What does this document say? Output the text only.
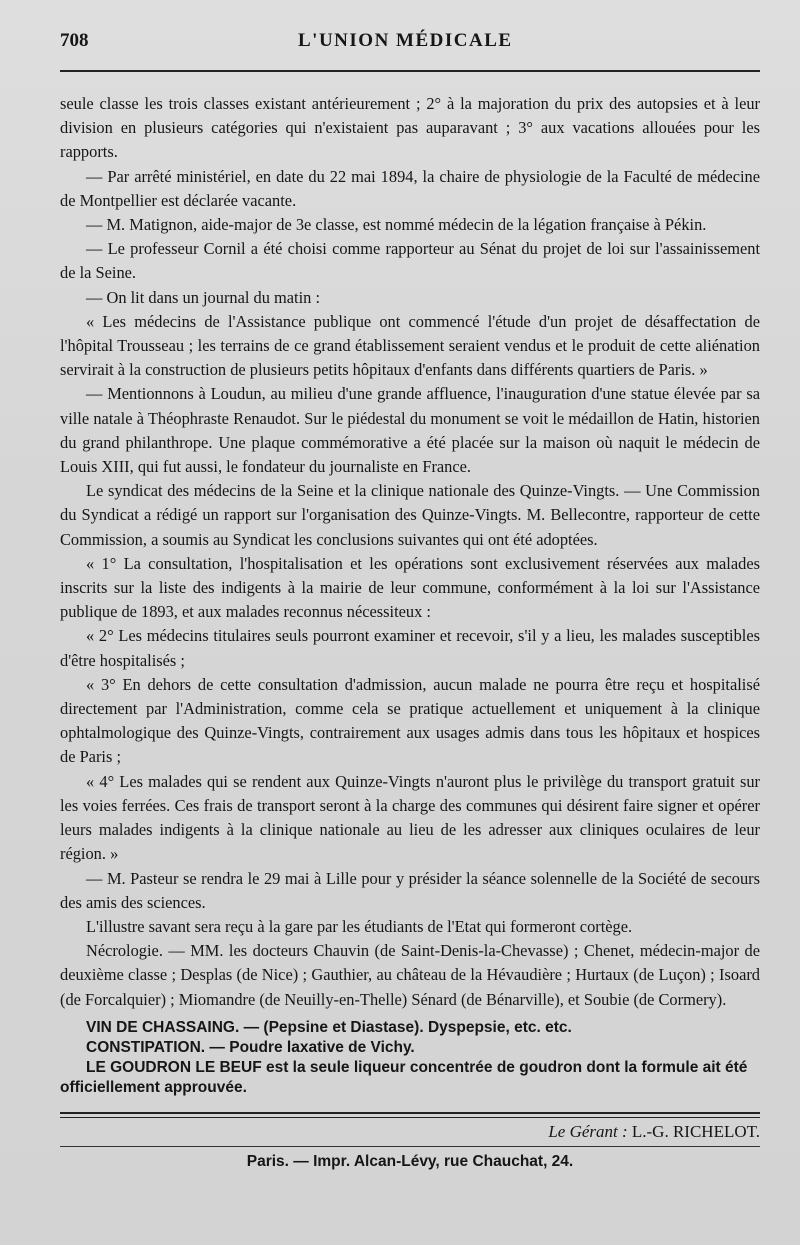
708	L'UNION MÉDICALE

seule classe les trois classes existant antérieurement ; 2° à la majoration du prix des autopsies et à leur division en plusieurs catégories qui n'existaient pas auparavant ; 3° aux vacations allouées pour les rapports.

— Par arrêté ministériel, en date du 22 mai 1894, la chaire de physiologie de la Faculté de médecine de Montpellier est déclarée vacante.

— M. Matignon, aide-major de 3e classe, est nommé médecin de la légation française à Pékin.

— Le professeur Cornil a été choisi comme rapporteur au Sénat du projet de loi sur l'assainissement de la Seine.

— On lit dans un journal du matin :

« Les médecins de l'Assistance publique ont commencé l'étude d'un projet de désaffectation de l'hôpital Trousseau ; les terrains de ce grand établissement seraient vendus et le produit de cette aliénation servirait à la construction de plusieurs petits hôpitaux d'enfants dans différents quartiers de Paris. »

— Mentionnons à Loudun, au milieu d'une grande affluence, l'inauguration d'une statue élevée par sa ville natale à Théophraste Renaudot. Sur le piédestal du monument se voit le médaillon de Hatin, historien du grand philanthrope. Une plaque commémorative a été placée sur la maison où naquit le médecin de Louis XIII, qui fut aussi, le fondateur du journaliste en France.

Le syndicat des médecins de la Seine et la clinique nationale des Quinze-Vingts. — Une Commission du Syndicat a rédigé un rapport sur l'organisation des Quinze-Vingts. M. Bellecontre, rapporteur de cette Commission, a soumis au Syndicat les conclusions suivantes qui ont été adoptées.

« 1° La consultation, l'hospitalisation et les opérations sont exclusivement réservées aux malades inscrits sur la liste des indigents à la mairie de leur commune, conformément à la loi sur l'Assistance publique de 1893, et aux malades reconnus nécessiteux :

« 2° Les médecins titulaires seuls pourront examiner et recevoir, s'il y a lieu, les malades susceptibles d'être hospitalisés ;

« 3° En dehors de cette consultation d'admission, aucun malade ne pourra être reçu et hospitalisé directement par l'Administration, comme cela se pratique actuellement et uniquement à la clinique ophtalmologique des Quinze-Vingts, contrairement aux usages admis dans tous les hôpitaux et hospices de Paris ;

« 4° Les malades qui se rendent aux Quinze-Vingts n'auront plus le privilège du transport gratuit sur les voies ferrées. Ces frais de transport seront à la charge des communes qui désirent faire signer et opérer leurs malades indigents à la clinique nationale au lieu de les adresser aux cliniques oculaires de leur région. »

— M. Pasteur se rendra le 29 mai à Lille pour y présider la séance solennelle de la Société de secours des amis des sciences.

L'illustre savant sera reçu à la gare par les étudiants de l'Etat qui formeront cortège.

Nécrologie. — MM. les docteurs Chauvin (de Saint-Denis-la-Chevasse) ; Chenet, médecin-major de deuxième classe ; Desplas (de Nice) ; Gauthier, au château de la Hévaudière ; Hurtaux (de Luçon) ; Isoard (de Forcalquier) ; Miomandre (de Neuilly-en-Thelle) Sénard (de Bénarville), et Soubie (de Cormery).

VIN DE CHASSAING. — (Pepsine et Diastase). Dyspepsie, etc. etc.
CONSTIPATION. — Poudre laxative de Vichy.
LE GOUDRON LE BEUF est la seule liqueur concentrée de goudron dont la formule ait été officiellement approuvée.
Le Gérant : L.-G. RICHELOT.
Paris. — Impr. Alcan-Lévy, rue Chauchat, 24.
